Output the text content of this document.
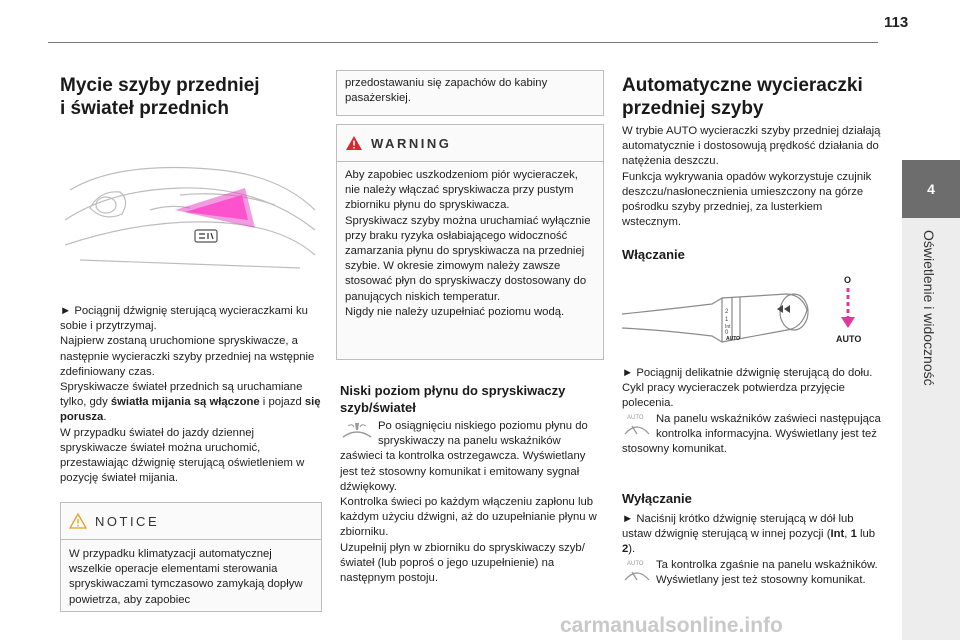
113
4
Oświetlenie i widoczność
Mycie szyby przedniej
i świateł przednich

► Pociągnij dźwignię sterującą wycieraczkami ku sobie i przytrzymaj.

Najpierw zostaną uruchomione spryskiwacze, a następnie wycieraczki szyby przedniej na wstępnie zdefiniowany czas.

Spryskiwacze świateł przednich są uruchamiane tylko, gdy światła mijania są włączone i pojazd się porusza.

W przypadku świateł do jazdy dziennej spryskiwacze świateł można uruchomić, przestawiając dźwignię sterującą oświetleniem w pozycję świateł mijania.

NOTICE
W przypadku klimatyzacji automatycznej wszelkie operacje elementami sterowania spryskiwaczami tymczasowo zamykają dopływ powietrza, aby zapobiec
przedostawaniu się zapachów do kabiny pasażerskiej.
WARNING

Aby zapobiec uszkodzeniom piór wycieraczek, nie należy włączać spryskiwacza przy pustym zbiorniku płynu do spryskiwacza.

Spryskiwacz szyby można uruchamiać wyłącznie przy braku ryzyka osłabiającego widoczność zamarzania płynu do spryskiwacza na przedniej szybie. W okresie zimowym należy zawsze stosować płyn do spryskiwaczy dostosowany do panujących niskich temperatur.

Nigdy nie należy uzupełniać poziomu wodą.

Niski poziom płynu do spryskiwaczy
szyb/świateł

Po osiągnięciu niskiego poziomu płynu do spryskiwaczy na panelu wskaźników zaświeci ta kontrolka ostrzegawcza. Wyświetlany jest też stosowny komunikat i emitowany sygnał dźwiękowy.

Kontrolka świeci po każdym włączeniu zapłonu lub każdym użyciu dźwigni, aż do uzupełnianie płynu w zbiorniku.

Uzupełnij płyn w zbiorniku do spryskiwaczy szyb/świateł (lub poproś o jego uzupełnienie) na następnym postoju.

Automatyczne wycieraczki
przedniej szyby

W trybie AUTO wycieraczki szyby przedniej działają automatycznie i dostosowują prędkość działania do natężenia deszczu.

Funkcja wykrywania opadów wykorzystuje czujnik deszczu/nasłonecznienia umieszczony na górze pośrodku szyby przedniej, za lusterkiem wstecznym.

Włączanie
2
1
Int
0
AUTO
O
AUTO

► Pociągnij delikatnie dźwignię sterującą do dołu.

Cykl pracy wycieraczek potwierdza przyjęcie polecenia.

AUTO Na panelu wskaźników zaświeci następująca kontrolka informacyjna. Wyświetlany jest też stosowny komunikat.

Wyłączanie

► Naciśnij krótko dźwignię sterującą w dół lub ustaw dźwignię sterującą w innej pozycji (Int, 1 lub 2).

AUTO Ta kontrolka zgaśnie na panelu wskaźników. Wyświetlany jest też stosowny komunikat.

carmanualsonline.info
